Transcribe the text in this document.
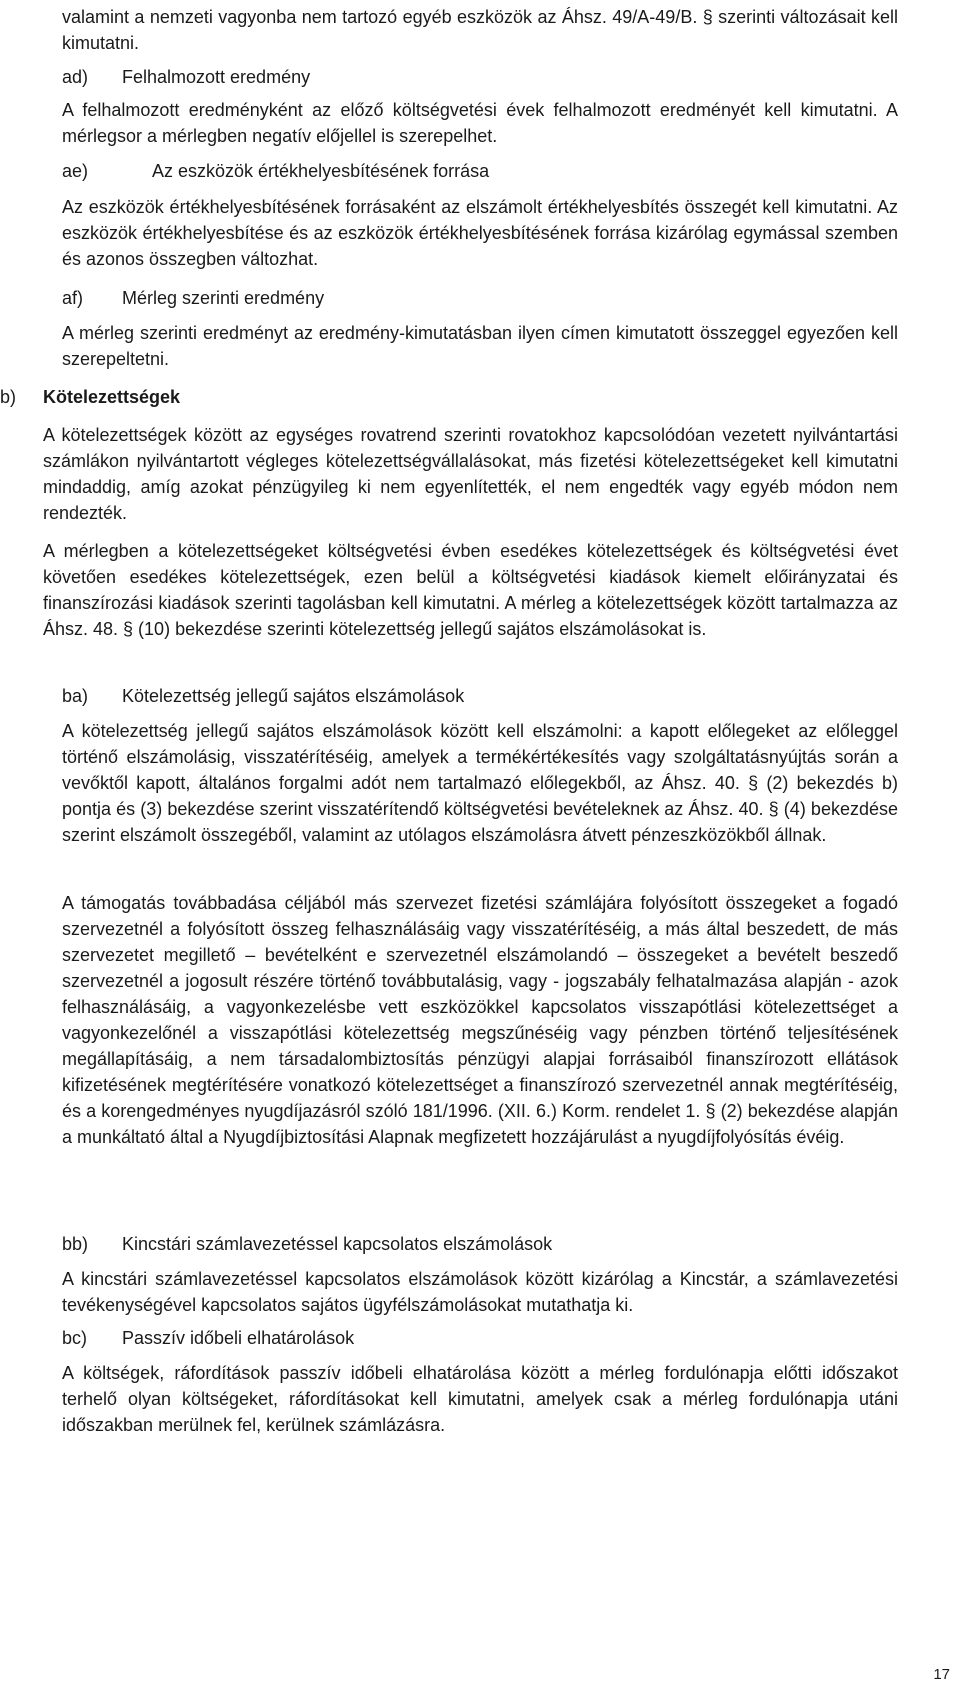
valamint a nemzeti vagyonba nem tartozó egyéb eszközök az Áhsz. 49/A-49/B. § szerinti változásait kell kimutatni.

ad) Felhalmozott eredmény

A felhalmozott eredményként az előző költségvetési évek felhalmozott eredményét kell kimutatni. A mérlegsor a mérlegben negatív előjellel is szerepelhet.

ae)	Az eszközök értékhelyesbítésének forrása

Az eszközök értékhelyesbítésének forrásaként az elszámolt értékhelyesbítés összegét kell kimutatni. Az eszközök értékhelyesbítése és az eszközök értékhelyesbítésének forrása kizárólag egymással szemben és azonos összegben változhat.

af) Mérleg szerinti eredmény

A mérleg szerinti eredményt az eredmény-kimutatásban ilyen címen kimutatott összeggel egyezően kell szerepeltetni.

b) Kötelezettségek

A kötelezettségek között az egységes rovatrend szerinti rovatokhoz kapcsolódóan vezetett nyilvántartási számlákon nyilvántartott végleges kötelezettségvállalásokat, más fizetési kötelezettségeket kell kimutatni mindaddig, amíg azokat pénzügyileg ki nem egyenlítették, el nem engedték vagy egyéb módon nem rendezték.

A mérlegben a kötelezettségeket költségvetési évben esedékes kötelezettségek és költségvetési évet követően esedékes kötelezettségek, ezen belül a költségvetési kiadások kiemelt előirányzatai és finanszírozási kiadások szerinti tagolásban kell kimutatni. A mérleg a kötelezettségek között tartalmazza az Áhsz. 48. § (10) bekezdése szerinti kötelezettség jellegű sajátos elszámolásokat is.

ba) Kötelezettség jellegű sajátos elszámolások

A kötelezettség jellegű sajátos elszámolások között kell elszámolni: a kapott előlegeket az előleggel történő elszámolásig, visszatérítéséig, amelyek a termékértékesítés vagy szolgáltatásnyújtás során a vevőktől kapott, általános forgalmi adót nem tartalmazó előlegekből, az Áhsz. 40. § (2) bekezdés b) pontja és (3) bekezdése szerint visszatérítendő költségvetési bevételeknek az Áhsz. 40. § (4) bekezdése szerint elszámolt összegéből, valamint az utólagos elszámolásra átvett pénzeszközökből állnak.

A támogatás továbbadása céljából más szervezet fizetési számlájára folyósított összegeket a fogadó szervezetnél a folyósított összeg felhasználásáig vagy visszatérítéséig, a más által beszedett, de más szervezetet megillető – bevételként e szervezetnél elszámolandó – összegeket a bevételt beszedő szervezetnél a jogosult részére történő továbbutalásig, vagy - jogszabály felhatalmazása alapján - azok felhasználásáig, a vagyonkezelésbe vett eszközökkel kapcsolatos visszapótlási kötelezettséget a vagyonkezelőnél a visszapótlási kötelezettség megszűnéséig vagy pénzben történő teljesítésének megállapításáig, a nem társadalombiztosítás pénzügyi alapjai forrásaiból finanszírozott ellátások kifizetésének megtérítésére vonatkozó kötelezettséget a finanszírozó szervezetnél annak megtérítéséig, és a korengedményes nyugdíjazásról szóló 181/1996. (XII. 6.) Korm. rendelet 1. § (2) bekezdése alapján a munkáltató által a Nyugdíjbiztosítási Alapnak megfizetett hozzájárulást a nyugdíjfolyósítás évéig.

bb) Kincstári számlavezetéssel kapcsolatos elszámolások

A kincstári számlavezetéssel kapcsolatos elszámolások között kizárólag a Kincstár, a számlavezetési tevékenységével kapcsolatos sajátos ügyfélszámolásokat mutathatja ki.

bc) Passzív időbeli elhatárolások

A költségek, ráfordítások passzív időbeli elhatárolása között a mérleg fordulónapja előtti időszakot terhelő olyan költségeket, ráfordításokat kell kimutatni, amelyek csak a mérleg fordulónapja utáni időszakban merülnek fel, kerülnek számlázásra.

17
